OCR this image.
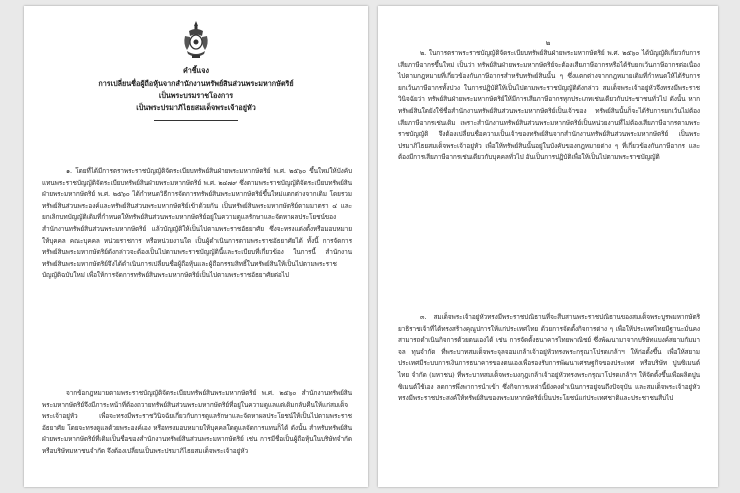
คำชี้แจง
การเปลี่ยนชื่อผู้ถือหุ้นจากสำนักงานทรัพย์สินส่วนพระมหากษัตริย์
เป็นพระบรมราชโองการ
เป็นพระปรมาภิไธยสมเด็จพระเจ้าอยู่หัว
๑. โดยที่ได้มีการตราพระราชบัญญัติจัดระเบียบทรัพย์สินฝ่ายพระมหากษัตริย์ พ.ศ. ๒๕๖๐ ขึ้นใหม่ให้บังคับแทนพระราชบัญญัติจัดระเบียบทรัพย์สินฝ่ายพระมหากษัตริย์ พ.ศ. ๒๔๗๙ ซึ่งตามพระราชบัญญัติจัดระเบียบทรัพย์สินฝ่ายพระมหากษัตริย์ พ.ศ. ๒๕๖๐ ได้กำหนดวิธีการจัดการทรัพย์สินพระมหากษัตริย์ขึ้นใหม่แตกต่างจากเดิม โดยรวมทรัพย์สินส่วนพระองค์และทรัพย์สินส่วนพระมหากษัตริย์เข้าด้วยกัน เป็นทรัพย์สินพระมหากษัตริย์ตามมาตรา ๔ และยกเลิกบทบัญญัติเดิมที่กำหนดให้ทรัพย์สินส่วนพระมหากษัตริย์อยู่ในความดูแลรักษาและจัดหาผลประโยชน์ของสำนักงานทรัพย์สินส่วนพระมหากษัตริย์ แล้วบัญญัติให้เป็นไปตามพระราชอัธยาศัย ซึ่งจะทรงแต่งตั้งหรือมอบหมายให้บุคคล คณะบุคคล หน่วยราชการ หรือหน่วยงานใด เป็นผู้ดำเนินการตามพระราชอัธยาศัยได้ ทั้งนี้ การจัดการทรัพย์สินพระมหากษัตริย์ดังกล่าวจะต้องเป็นไปตามพระราชบัญญัตินี้และระเบียบที่เกี่ยวข้อง ในการนี้ สำนักงานทรัพย์สินพระมหากษัตริย์จึงได้ดำเนินการเปลี่ยนชื่อผู้ถือหุ้นและผู้ถือกรรมสิทธิ์ในทรัพย์สินให้เป็นไปตามพระราชบัญญัติฉบับใหม่ เพื่อให้การจัดการทรัพย์สินพระมหากษัตริย์เป็นไปตามพระราชอัธยาศัยต่อไป
จากข้อกฎหมายตามพระราชบัญญัติจัดระเบียบทรัพย์สินพระมหากษัตริย์ พ.ศ. ๒๕๖๐ สำนักงานทรัพย์สินพระมหากษัตริย์จึงมีภาระหน้าที่ต้องถวายทรัพย์สินส่วนพระมหากษัตริย์ที่อยู่ในความดูแลแต่เดิมกลับคืนให้แก่สมเด็จพระเจ้าอยู่หัว เพื่อจะทรงมีพระราชวินิจฉัยเกี่ยวกับการดูแลรักษาและจัดหาผลประโยชน์ให้เป็นไปตามพระราชอัธยาศัย โดยจะทรงดูแลด้วยพระองค์เอง หรือทรงมอบหมายให้บุคคลใดดูแลจัดการแทนก็ได้ ดังนั้น สำหรับทรัพย์สินฝ่ายพระมหากษัตริย์ที่เดิมเป็นชื่อของสำนักงานทรัพย์สินส่วนพระมหากษัตริย์ เช่น การมีชื่อเป็นผู้ถือหุ้นในบริษัทจำกัด หรือบริษัทมหาชนจำกัด จึงต้องเปลี่ยนเป็นพระปรมาภิไธยสมเด็จพระเจ้าอยู่หัว
๒
๒. ในการตราพระราชบัญญัติจัดระเบียบทรัพย์สินฝ่ายพระมหากษัตริย์ พ.ศ. ๒๕๖๐ ได้บัญญัติเกี่ยวกับการเสียภาษีอากรขึ้นใหม่ เป็นว่า ทรัพย์สินฝ่ายพระมหากษัตริย์จะต้องเสียภาษีอากรหรือได้รับยกเว้นภาษีอากรต่อเนื่องไปตามกฎหมายที่เกี่ยวข้องกับภาษีอากรสำหรับทรัพย์สินนั้น ๆ ซึ่งแตกต่างจากกฎหมายเดิมที่กำหนดให้ได้รับการยกเว้นภาษีอากรทั้งปวง ในการปฏิบัติให้เป็นไปตามพระราชบัญญัติดังกล่าว สมเด็จพระเจ้าอยู่หัวจึงทรงมีพระราชวินิจฉัยว่า ทรัพย์สินฝ่ายพระมหากษัตริย์ให้มีการเสียภาษีอากรทุกประเภทเช่นเดียวกับประชาชนทั่วไป ดังนั้น หากทรัพย์สินใดยังใช้ชื่อสำนักงานทรัพย์สินส่วนพระมหากษัตริย์เป็นเจ้าของ ทรัพย์สินนั้นก็จะได้รับการยกเว้นไม่ต้องเสียภาษีอากรเช่นเดิม เพราะสำนักงานทรัพย์สินส่วนพระมหากษัตริย์เป็นหน่วยงานที่ไม่ต้องเสียภาษีอากรตามพระราชบัญญัติ จึงต้องเปลี่ยนชื่อความเป็นเจ้าของทรัพย์สินจากสำนักงานทรัพย์สินส่วนพระมหากษัตริย์ เป็นพระปรมาภิไธยสมเด็จพระเจ้าอยู่หัว เพื่อให้ทรัพย์สินนั้นอยู่ในบังคับของกฎหมายต่าง ๆ ที่เกี่ยวข้องกับภาษีอากร และต้องมีการเสียภาษีอากรเช่นเดียวกับบุคคลทั่วไป อันเป็นการปฏิบัติเพื่อให้เป็นไปตามพระราชบัญญัติ
๓. สมเด็จพระเจ้าอยู่หัวทรงมีพระราชปณิธานที่จะสืบสานพระราชปณิธานของสมเด็จพระบูรพมหากษัตริยาธิราชเจ้าที่ได้ทรงสร้างคุณูปการให้แก่ประเทศไทย ด้วยการจัดตั้งกิจการต่าง ๆ เพื่อให้ประเทศไทยมีฐานะมั่นคงสามารถดำเนินกิจการด้วยตนเองได้ เช่น การจัดตั้งธนาคารไทยพาณิชย์ ซึ่งพัฒนามาจากบริษัทแบงค์สยามกัมมาจล ทุนจำกัด ที่พระบาทสมเด็จพระจุลจอมเกล้าเจ้าอยู่หัวทรงพระกรุณาโปรดเกล้าฯ ให้ก่อตั้งขึ้น เพื่อให้สยามประเทศมีระบบการเงินการธนาคารของตนเองเพื่อรองรับการพัฒนาเศรษฐกิจของประเทศ หรือบริษัท ปูนซิเมนต์ไทย จำกัด (มหาชน) ที่พระบาทสมเด็จพระมงกุฎเกล้าเจ้าอยู่หัวทรงพระกรุณาโปรดเกล้าฯ ให้จัดตั้งขึ้นเพื่อผลิตปูนซิเมนต์ใช้เอง ลดการพึ่งพาการนำเข้า ซึ่งกิจการเหล่านี้ยังคงดำเนินการอยู่จนถึงปัจจุบัน และสมเด็จพระเจ้าอยู่หัวทรงมีพระราชประสงค์ให้ทรัพย์สินของพระมหากษัตริย์เป็นประโยชน์แก่ประเทศชาติและประชาชนสืบไป
